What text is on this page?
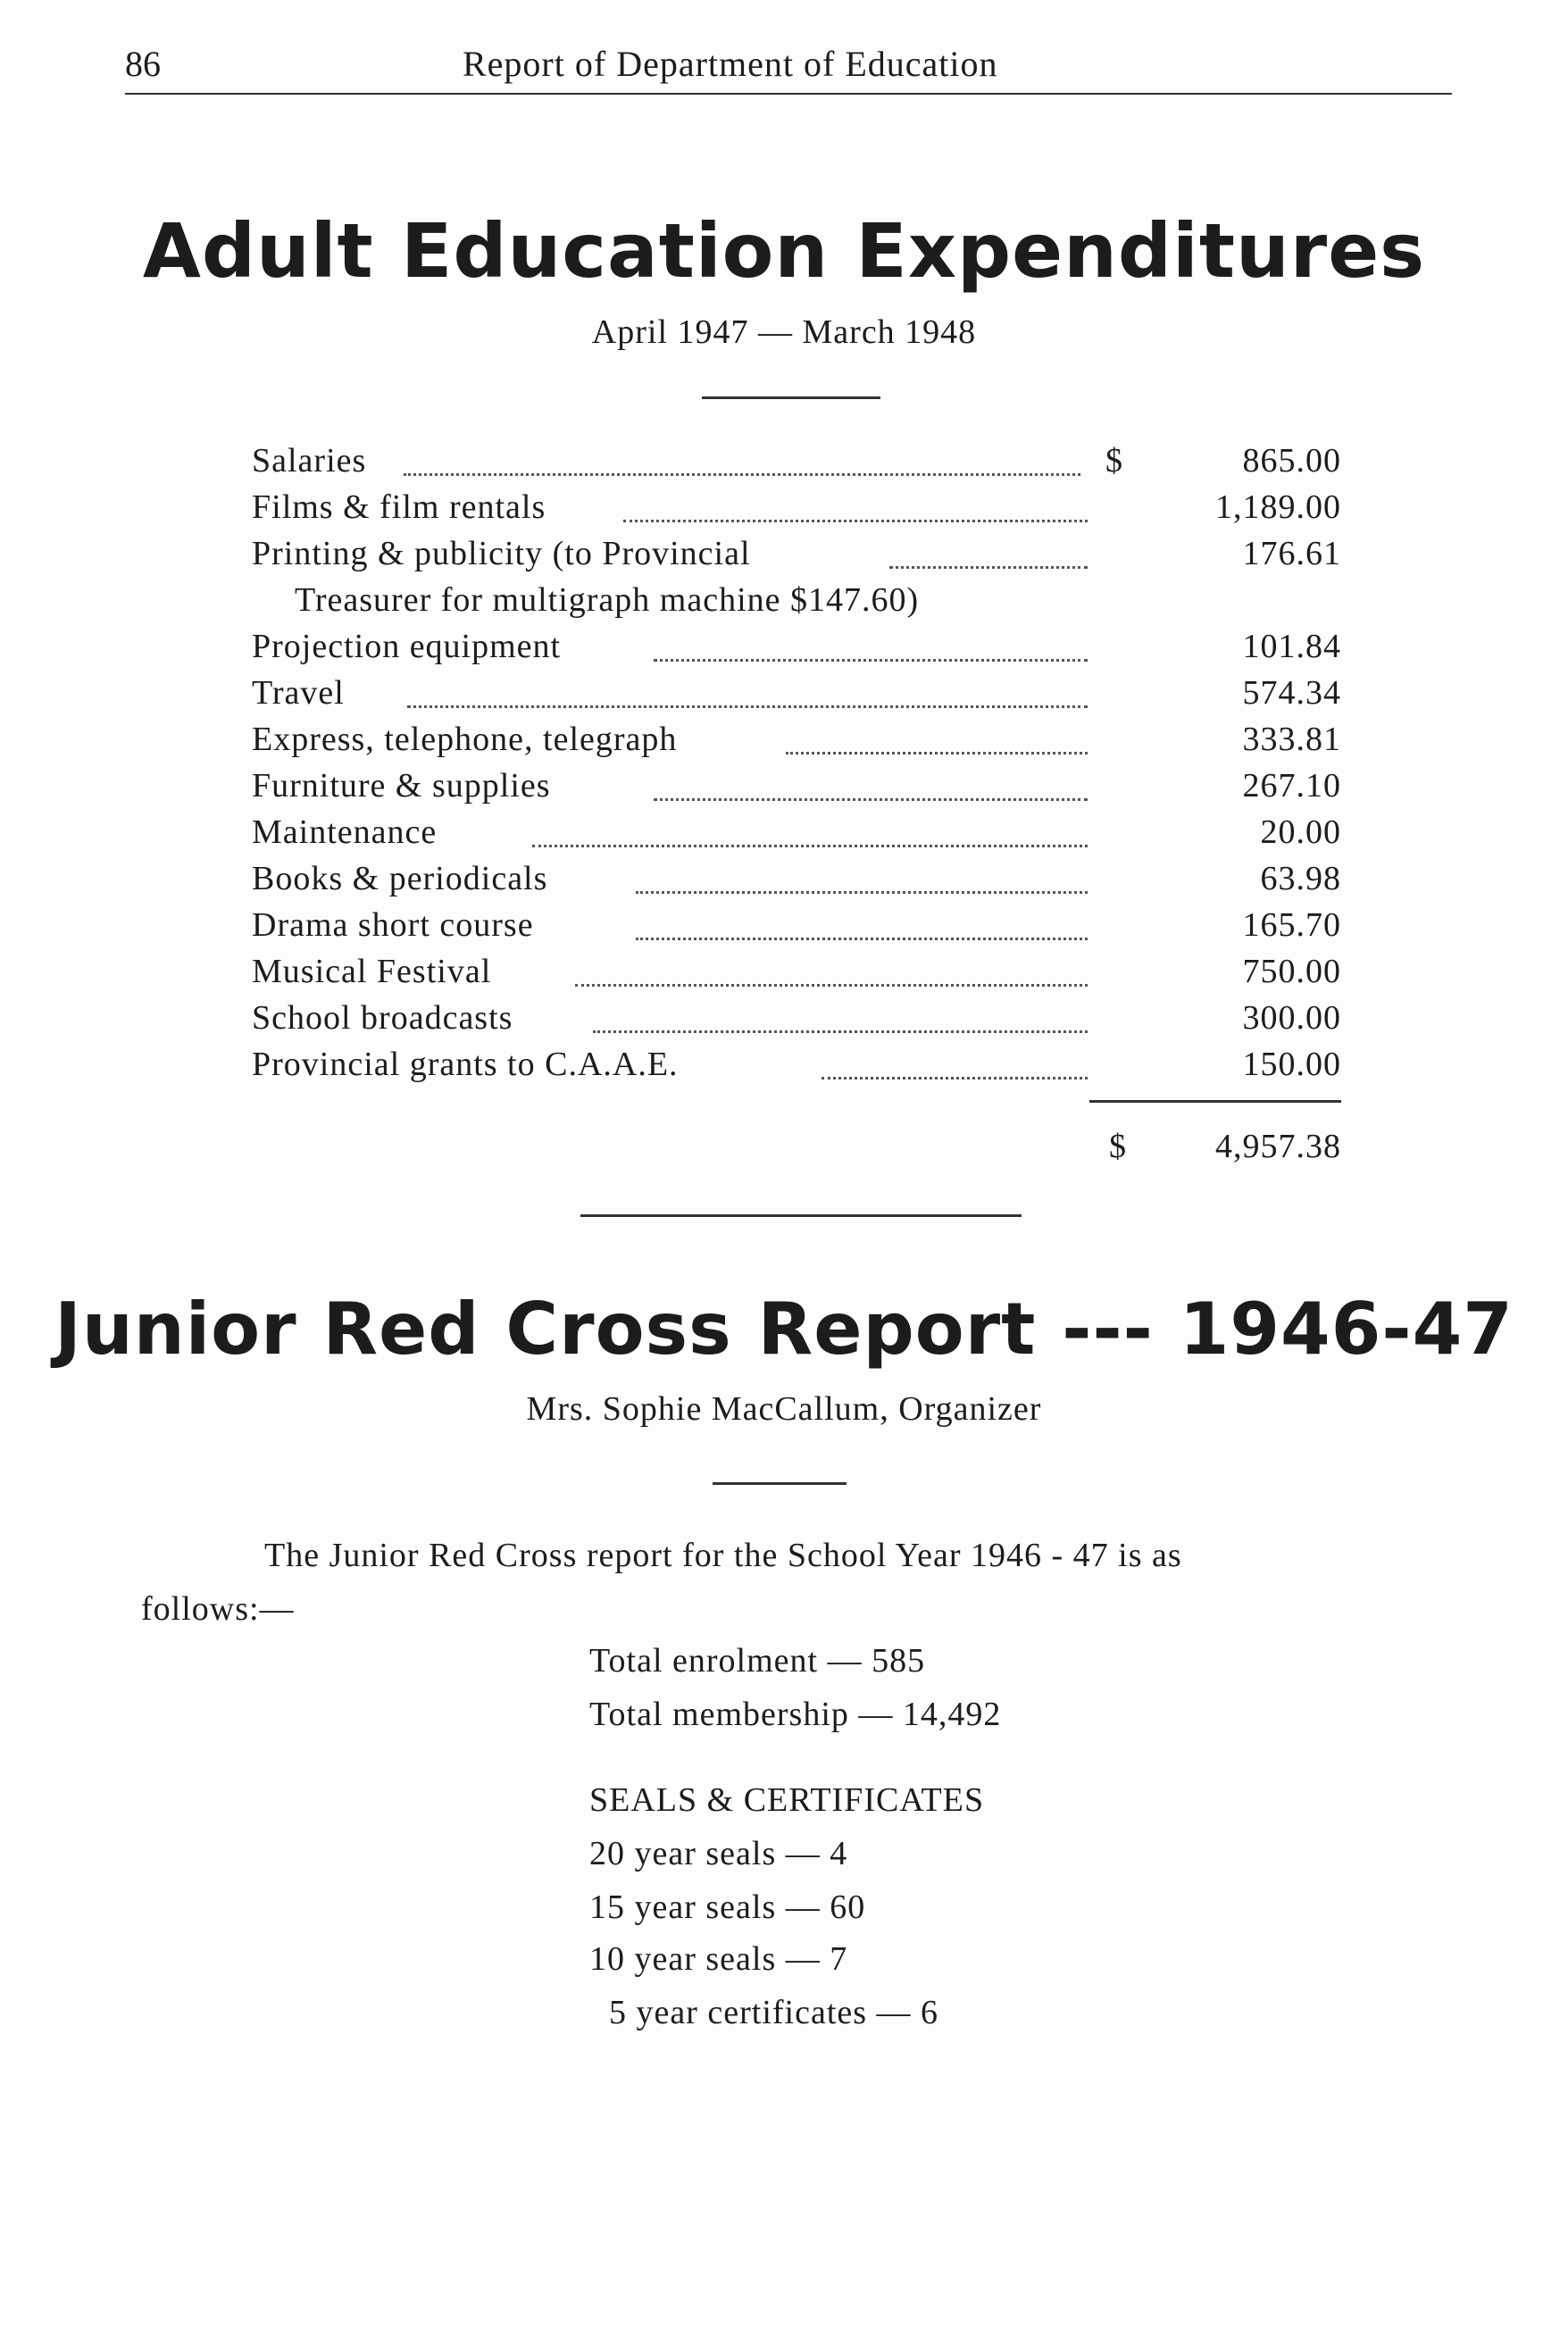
86	Report of Department of Education
Adult Education Expenditures
April 1947 — March 1948
Salaries	$	865.00
Films & film rentals	1,189.00
Printing & publicity (to Provincial	176.61
Treasurer for multigraph machine $147.60)
Projection equipment	101.84
Travel	574.34
Express, telephone, telegraph	333.81
Furniture & supplies	267.10
Maintenance	20.00
Books & periodicals	63.98
Drama short course	165.70
Musical Festival	750.00
School broadcasts	300.00
Provincial grants to C.A.A.E.	150.00
$	4,957.38
Junior Red Cross Report --- 1946-47
Mrs. Sophie MacCallum, Organizer
The Junior Red Cross report for the School Year 1946 - 47 is as
follows:—
Total enrolment — 585
Total membership — 14,492
SEALS & CERTIFICATES
20 year seals — 4
15 year seals — 60
10 year seals — 7
5 year certificates — 6
